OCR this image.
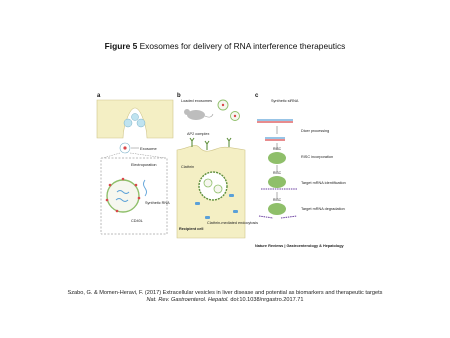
Figure 5 Exosomes for delivery of RNA interference therapeutics
a
Exosome
Electroporation
Synthetic RNA
CD40L
b
Loaded exosomes
AP2 complex
Clathrin
Recipient cell
Clathrin-mediated endocytosis
c
Synthetic siRNA
Dicer processing
RISC
RISC incorporation
RISC
Target mRNA identification
RISC
Target mRNA degradation
Nature Reviews | Gastroenterology & Hepatology
Szabo, G. & Momen-Heravi, F. (2017) Extracellular vesicles in liver disease and potential as biomarkers and therapeutic targets
Nat. Rev. Gastroenterol. Hepatol. doi:10.1038/nrgastro.2017.71
